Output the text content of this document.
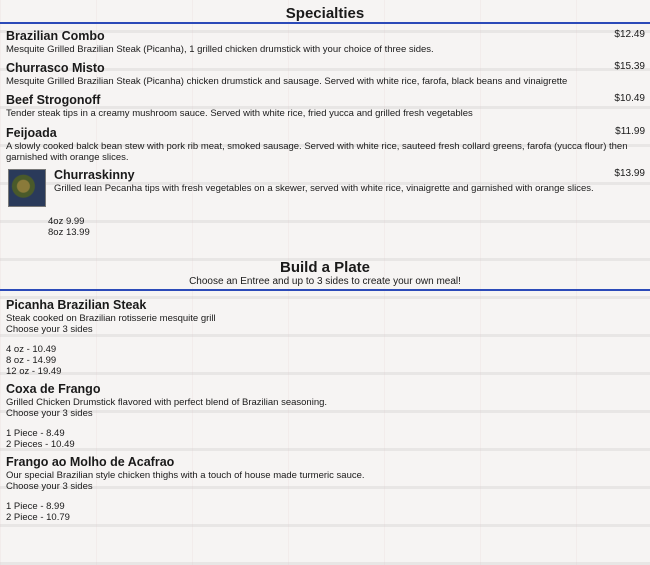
Specialties
Brazilian Combo	$12.49
Mesquite Grilled Brazilian Steak (Picanha), 1 grilled chicken drumstick with your choice of three sides.
Churrasco Misto	$15.39
Mesquite Grilled Brazilian Steak (Picanha) chicken drumstick and sausage. Served with white rice, farofa, black beans and vinaigrette
Beef Strogonoff	$10.49
Tender steak tips in a creamy mushroom sauce. Served with white rice, fried yucca and grilled fresh vegetables
Feijoada	$11.99
A slowly cooked balck bean stew with pork rib meat, smoked sausage. Served with white rice, sauteed fresh collard greens, farofa (yucca flour) then garnished with orange slices.
Churraskinny
Grilled lean Pecanha tips with fresh vegetables on a skewer, served with white rice, vinaigrette and garnished with orange slices.
$13.99
4oz 9.99
8oz 13.99
Build a Plate
Choose an Entree and up to 3 sides to create your own meal!
Picanha Brazilian Steak
Steak cooked on Brazilian rotisserie mesquite grill
Choose your 3 sides
4 oz - 10.49
8 oz - 14.99
12 oz - 19.49
Coxa de Frango
Grilled Chicken Drumstick flavored with perfect blend of Brazilian seasoning.
Choose your 3 sides
1 Piece - 8.49
2 Pieces - 10.49
Frango ao Molho de Acafrao
Our special Brazilian style chicken thighs with a touch of house made turmeric sauce.
Choose your 3 sides
1 Piece - 8.99
2 Piece - 10.79
